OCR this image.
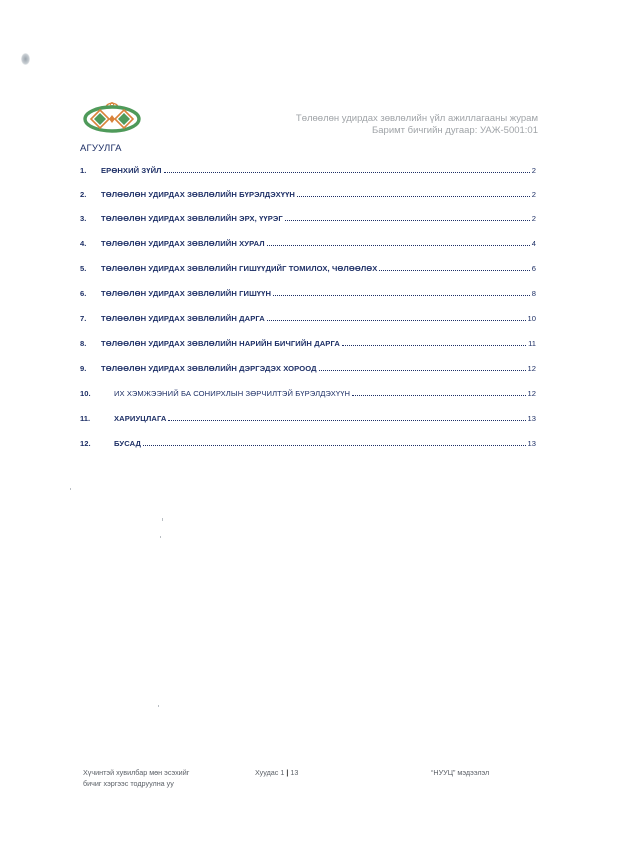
Төлөөлөн удирдах зөвлөлийн үйл ажиллагааны журам
Баримт бичгийн дугаар: УАЖ-5001:01
АГУУЛГА
1.	ЕРӨНХИЙ ЗҮЙЛ	2
2.	ТӨЛӨӨЛӨН УДИРДАХ ЗӨВЛӨЛИЙН БҮРЭЛДЭХҮҮН	2
3.	ТӨЛӨӨЛӨН УДИРДАХ ЗӨВЛӨЛИЙН ЭРХ, ҮҮРЭГ	2
4.	ТӨЛӨӨЛӨН УДИРДАХ ЗӨВЛӨЛИЙН ХУРАЛ	4
5.	ТӨЛӨӨЛӨН УДИРДАХ ЗӨВЛӨЛИЙН ГИШҮҮДИЙГ ТОМИЛОХ, ЧӨЛӨӨЛӨХ	6
6.	ТӨЛӨӨЛӨН УДИРДАХ ЗӨВЛӨЛИЙН ГИШҮҮН	8
7.	ТӨЛӨӨЛӨН УДИРДАХ ЗӨВЛӨЛИЙН ДАРГА	10
8.	ТӨЛӨӨЛӨН УДИРДАХ ЗӨВЛӨЛИЙН НАРИЙН БИЧГИЙН ДАРГА	11
9.	ТӨЛӨӨЛӨН УДИРДАХ ЗӨВЛӨЛИЙН ДЭРГЭДЭХ ХОРООД	12
10.	ИХ ХЭМЖЭЭНИЙ БА СОНИРХЛЫН ЗӨРЧИЛТЭЙ БҮРЭЛДЭХҮҮН	12
11.	ХАРИУЦЛАГА	13
12.	БУСАД	13
Хүчинтэй хувилбар мөн эсэхийг
бичиг хэргээс тодруулна уу
Хуудас 1 | 13	“НУУЦ” мэдээлэл
